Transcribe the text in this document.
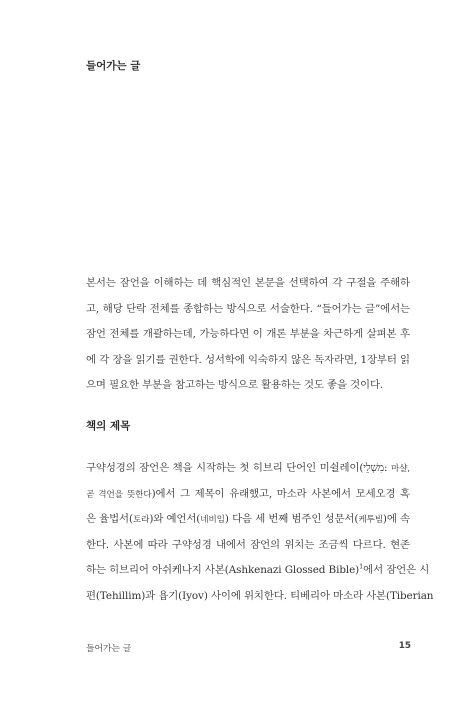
들어가는 글
본서는 잠언을 이해하는 데 핵심적인 본문을 선택하여 각 구절을 주해하
고, 해당 단락 전체를 종합하는 방식으로 서술한다. “들어가는 글”에서는
잠언 전체를 개괄하는데, 가능하다면 이 개론 부분을 차근하게 살펴본 후
에 각 장을 읽기를 권한다. 성서학에 익숙하지 않은 독자라면, 1장부터 읽
으며 필요한 부분을 참고하는 방식으로 활용하는 것도 좋을 것이다.
책의 제목
구약성경의 잠언은 책을 시작하는 첫 히브리 단어인 미쉴레이(מִשְׁלֵי: 마샬,
곧 격언을 뜻한다)에서 그 제목이 유래했고, 마소라 사본에서 모세오경 혹
은 율법서(토라)와 예언서(네비임) 다음 세 번째 범주인 성문서(케투빔)에 속
한다. 사본에 따라 구약성경 내에서 잠언의 위치는 조금씩 다르다. 현존
하는 히브리어 아쉬케나지 사본(Ashkenazi Glossed Bible)$^1$에서 잠언은 시
편(Tehillim)과 욥기(Iyov) 사이에 위치한다. 티베리아 마소라 사본(Tiberian
들어가는 글	15
